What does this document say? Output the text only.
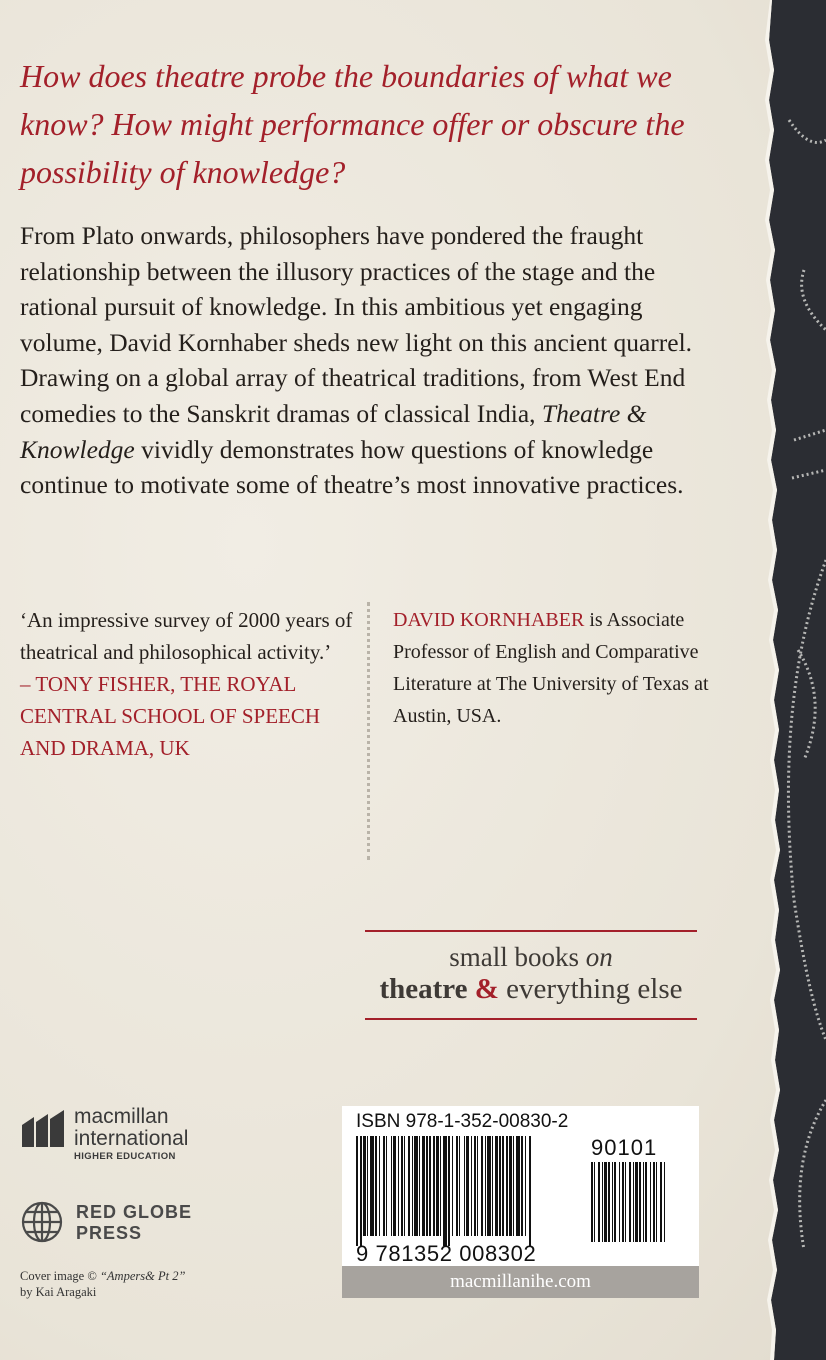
How does theatre probe the boundaries of what we know? How might performance offer or obscure the possibility of knowledge?

From Plato onwards, philosophers have pondered the fraught relationship between the illusory practices of the stage and the rational pursuit of knowledge. In this ambitious yet engaging volume, David Kornhaber sheds new light on this ancient quarrel. Drawing on a global array of theatrical traditions, from West End comedies to the Sanskrit dramas of classical India, Theatre & Knowledge vividly demonstrates how questions of knowledge continue to motivate some of theatre’s most innovative practices.

‘An impressive survey of 2000 years of theatrical and philosophical activity.’
– TONY FISHER, THE ROYAL CENTRAL SCHOOL OF SPEECH AND DRAMA, UK
DAVID KORNHABER is Associate Professor of English and Comparative Literature at The University of Texas at Austin, USA.
small books on
theatre & everything else
macmillan
international
HIGHER EDUCATION
RED GLOBE
PRESS
Cover image © “Ampers& Pt 2”
by Kai Aragaki
ISBN 978-1-352-00830-2
90101
9 781352 008302
macmillanihe.com
